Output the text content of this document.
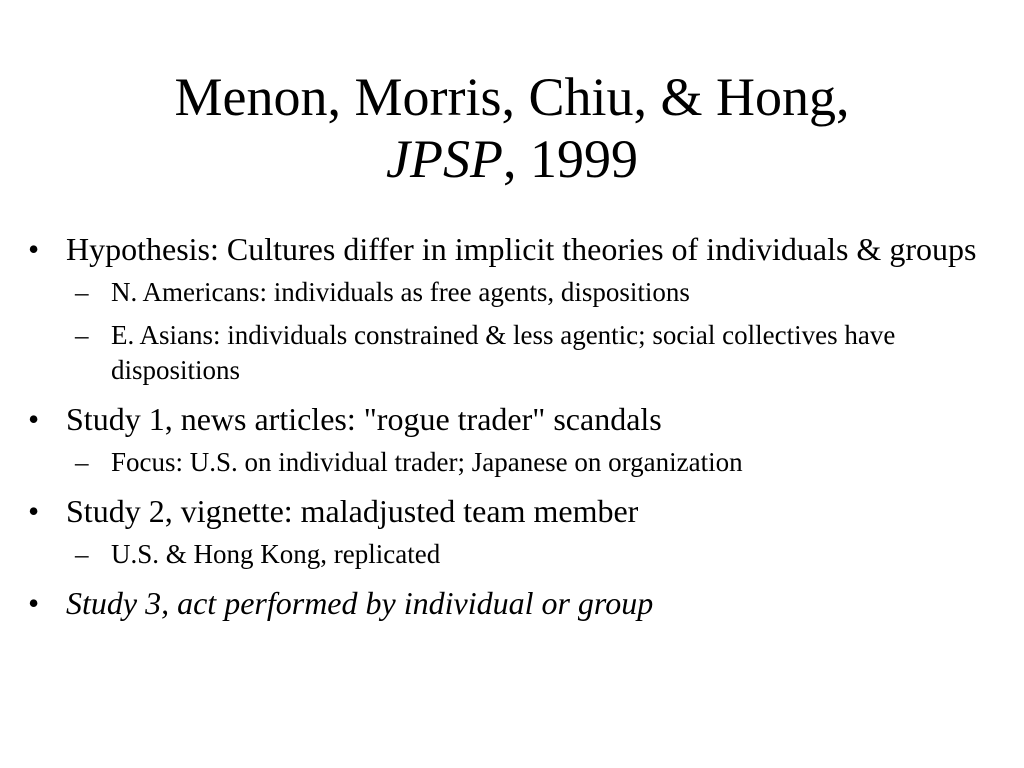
Menon, Morris, Chiu, & Hong,
JPSP, 1999
• Hypothesis: Cultures differ in implicit theories of individuals & groups
– N. Americans: individuals as free agents, dispositions
– E. Asians: individuals constrained & less agentic; social collectives have dispositions
• Study 1, news articles: "rogue trader" scandals
– Focus: U.S. on individual trader; Japanese on organization
• Study 2, vignette: maladjusted team member
– U.S. & Hong Kong, replicated
• Study 3, act performed by individual or group
